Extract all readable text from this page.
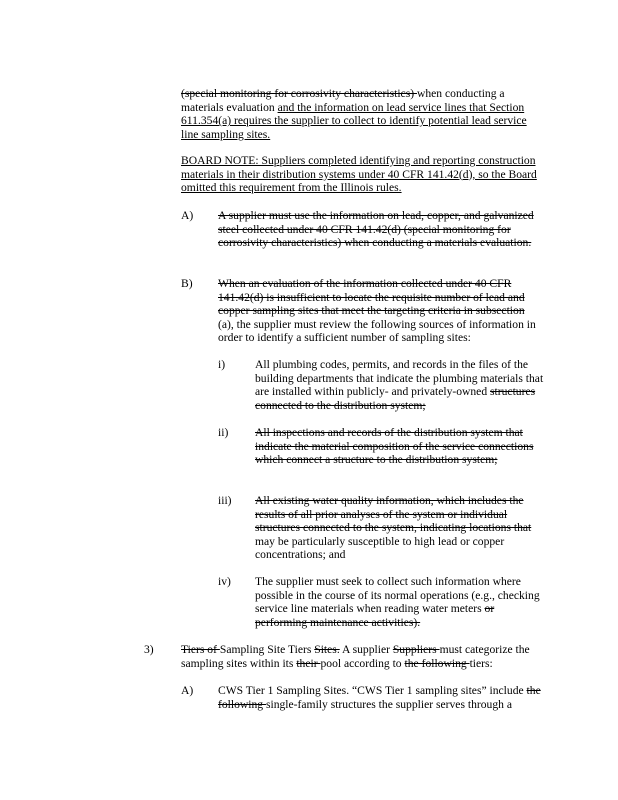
(special monitoring for corrosivity characteristics) when conducting a materials evaluation and the information on lead service lines that Section 611.354(a) requires the supplier to collect to identify potential lead service line sampling sites.

BOARD NOTE: Suppliers completed identifying and reporting construction materials in their distribution systems under 40 CFR 141.42(d), so the Board omitted this requirement from the Illinois rules.

A) A supplier must use the information on lead, copper, and galvanized steel collected under 40 CFR 141.42(d) (special monitoring for corrosivity characteristics) when conducting a materials evaluation.

B) When an evaluation of the information collected under 40 CFR 141.42(d) is insufficient to locate the requisite number of lead and copper sampling sites that meet the targeting criteria in subsection (a), the supplier must review the following sources of information in order to identify a sufficient number of sampling sites:

i)	All plumbing codes, permits, and records in the files of the building departments that indicate the plumbing materials that are installed within publicly- and privately-owned structures connected to the distribution system;

ii) All inspections and records of the distribution system that indicate the material composition of the service connections which connect a structure to the distribution system;

iii) All existing water quality information, which includes the results of all prior analyses of the system or individual structures connected to the system, indicating locations that may be particularly susceptible to high lead or copper concentrations; and

iv) The supplier must seek to collect such information where possible in the course of its normal operations (e.g., checking service line materials when reading water meters or performing maintenance activities).

3) Tiers of Sampling Site Tiers Sites. A supplier Suppliers must categorize the sampling sites within its their pool according to the following tiers:

A) CWS Tier 1 Sampling Sites. “CWS Tier 1 sampling sites” include the following single-family structures the supplier serves through a
